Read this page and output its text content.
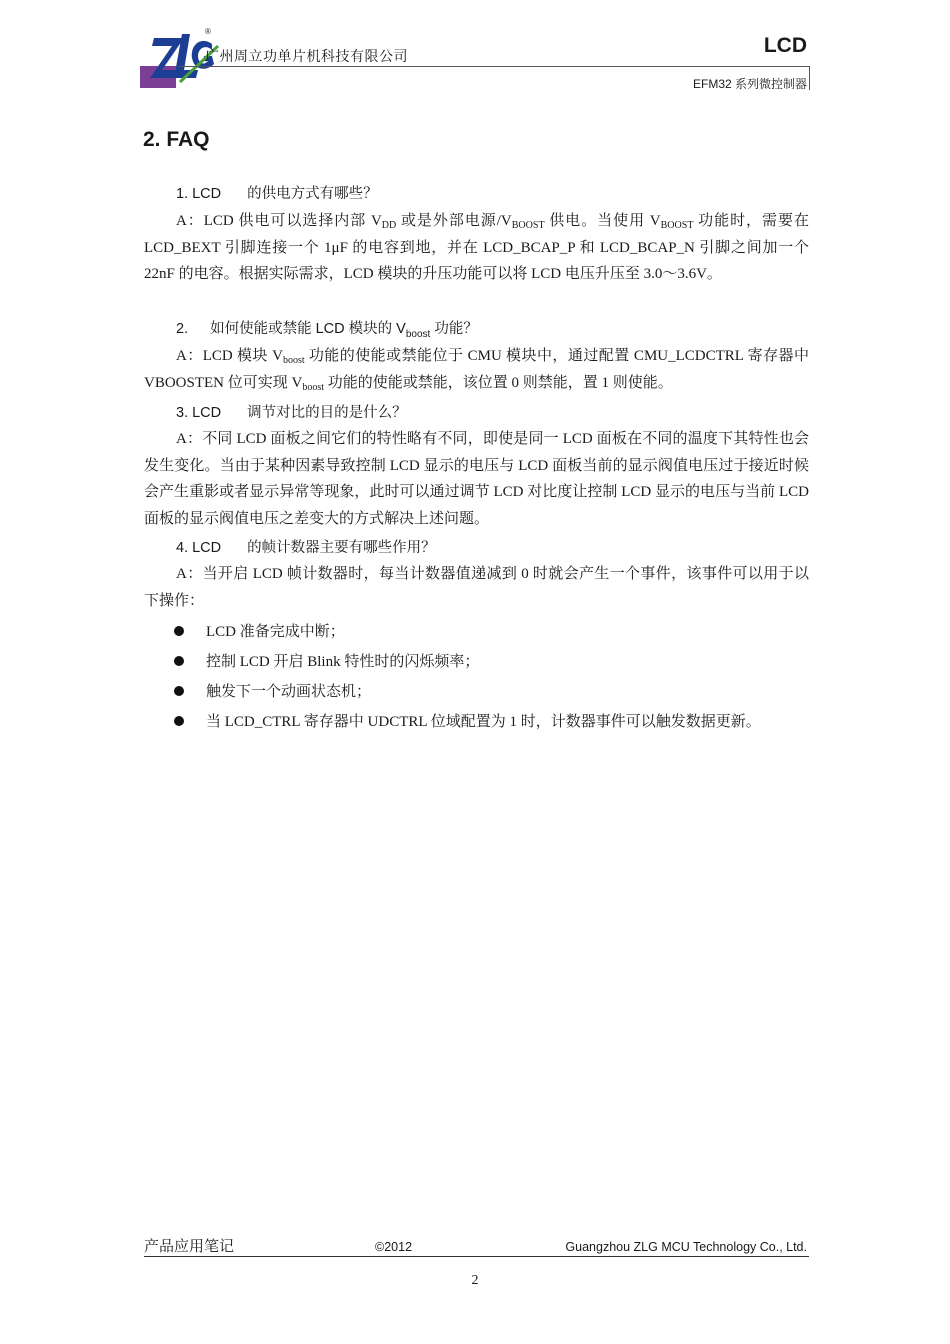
®
广州周立功单片机科技有限公司	LCD
EFM32 系列微控制器
2. FAQ
1. LCD 的供电方式有哪些？
A：LCD 供电可以选择内部 $V_{DD}$ 或是外部电源$/V_{BOOST}$ 供电。当使用 $V_{BOOST}$ 功能时，需要在 LCD_BEXT 引脚连接一个 1μF 的电容到地，并在 LCD_BCAP_P 和 LCD_BCAP_N 引脚之间加一个 22nF 的电容。根据实际需求，LCD 模块的升压功能可以将 LCD 电压升压至 3.0～3.6V。
2. 如何使能或禁能 LCD 模块的 $V_{boost}$ 功能？
A：LCD 模块 $V_{boost}$ 功能的使能或禁能位于 CMU 模块中，通过配置 CMU_LCDCTRL 寄存器中 VBOOSTEN 位可实现 $V_{boost}$ 功能的使能或禁能，该位置 0 则禁能，置 1 则使能。
3. LCD 调节对比的目的是什么？
A：不同 LCD 面板之间它们的特性略有不同，即使是同一 LCD 面板在不同的温度下其特性也会发生变化。当由于某种因素导致控制 LCD 显示的电压与 LCD 面板当前的显示阀值电压过于接近时候会产生重影或者显示异常等现象，此时可以通过调节 LCD 对比度让控制 LCD 显示的电压与当前 LCD 面板的显示阀值电压之差变大的方式解决上述问题。
4. LCD 的帧计数器主要有哪些作用？
A：当开启 LCD 帧计数器时，每当计数器值递减到 0 时就会产生一个事件，该事件可以用于以下操作：
LCD 准备完成中断；
控制 LCD 开启 Blink 特性时的闪烁频率；
触发下一个动画状态机；
当 LCD_CTRL 寄存器中 UDCTRL 位域配置为 1 时，计数器事件可以触发数据更新。
产品应用笔记	©2012	Guangzhou ZLG MCU Technology Co., Ltd.
2
